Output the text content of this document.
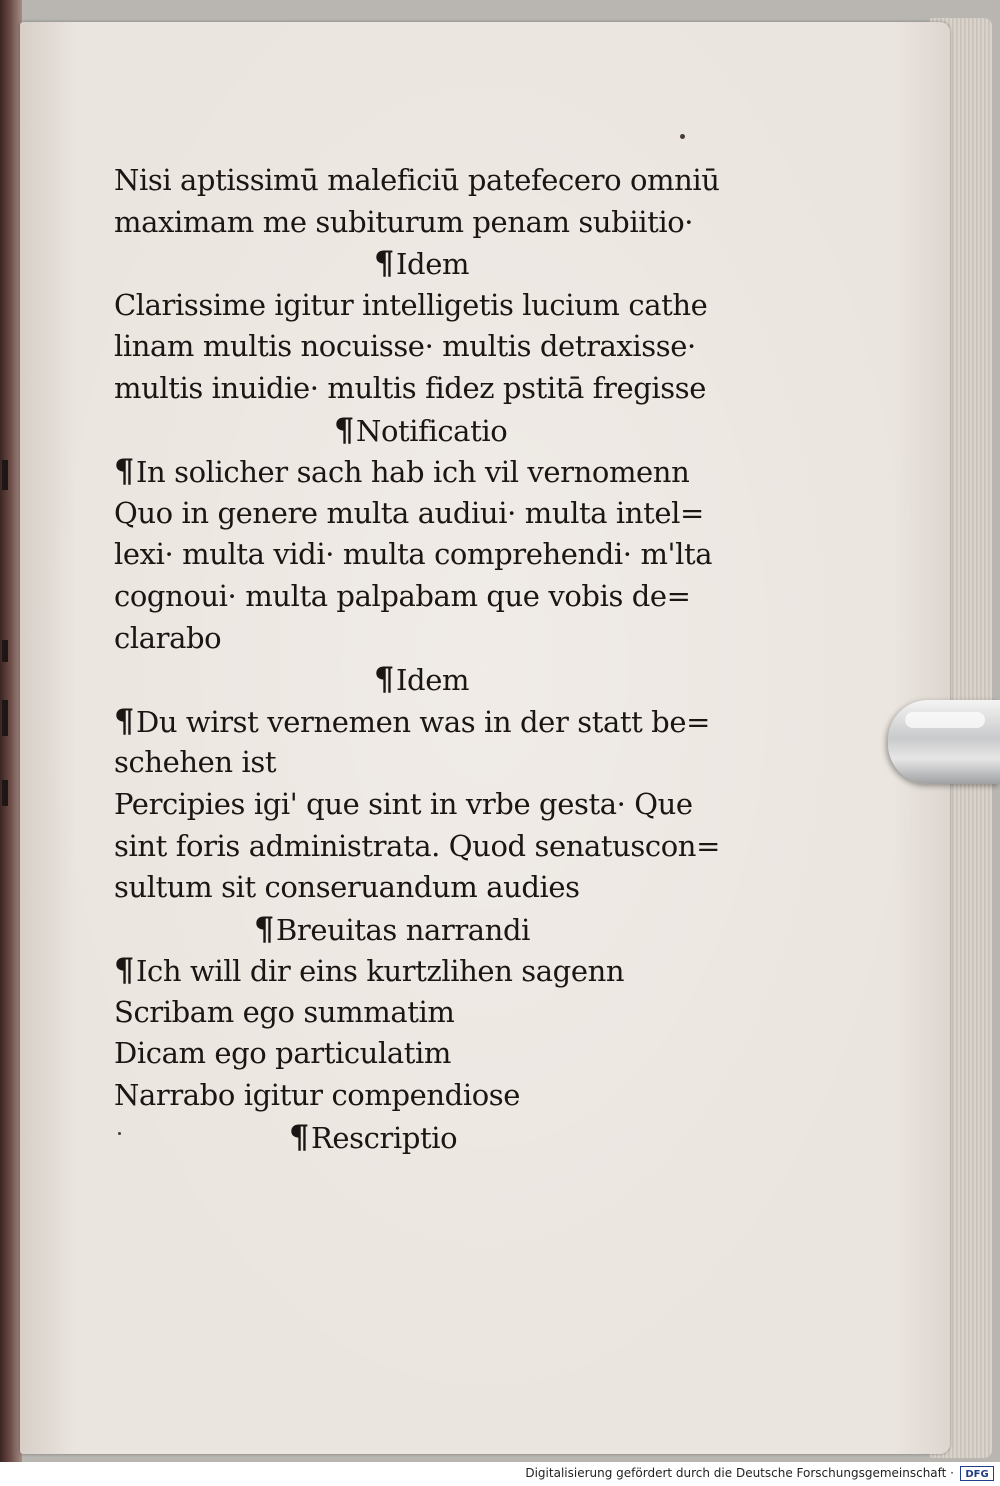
Nisi aptissimū maleficiū patefecero omniū
maximam me subiturum penam subiitio·
¶Idem
Clarissime igitur intelligetis lucium cathe
linam multis nocuisse· multis detraxisse·
multis inuidie· multis fidez pstitā fregisse
¶Notificatio
¶In solicher sach hab ich vil vernomenn
Quo in genere multa audiui· multa intel=
lexi· multa vidi· multa comprehendi· m'lta
cognoui· multa palpabam que vobis de=
clarabo
¶Idem
¶Du wirst vernemen was in der statt be=
schehen ist
Percipies igi' que sint in vrbe gesta· Que
sint foris administrata. Quod senatuscon=
sultum sit conseruandum audies
¶Breuitas narrandi
¶Ich will dir eins kurtzlihen sagenn
Scribam ego summatim
Dicam ego particulatim
Narrabo igitur compendiose
¶Rescriptio
Digitalisierung gefördert durch die Deutsche Forschungsgemeinschaft ·	DFG
